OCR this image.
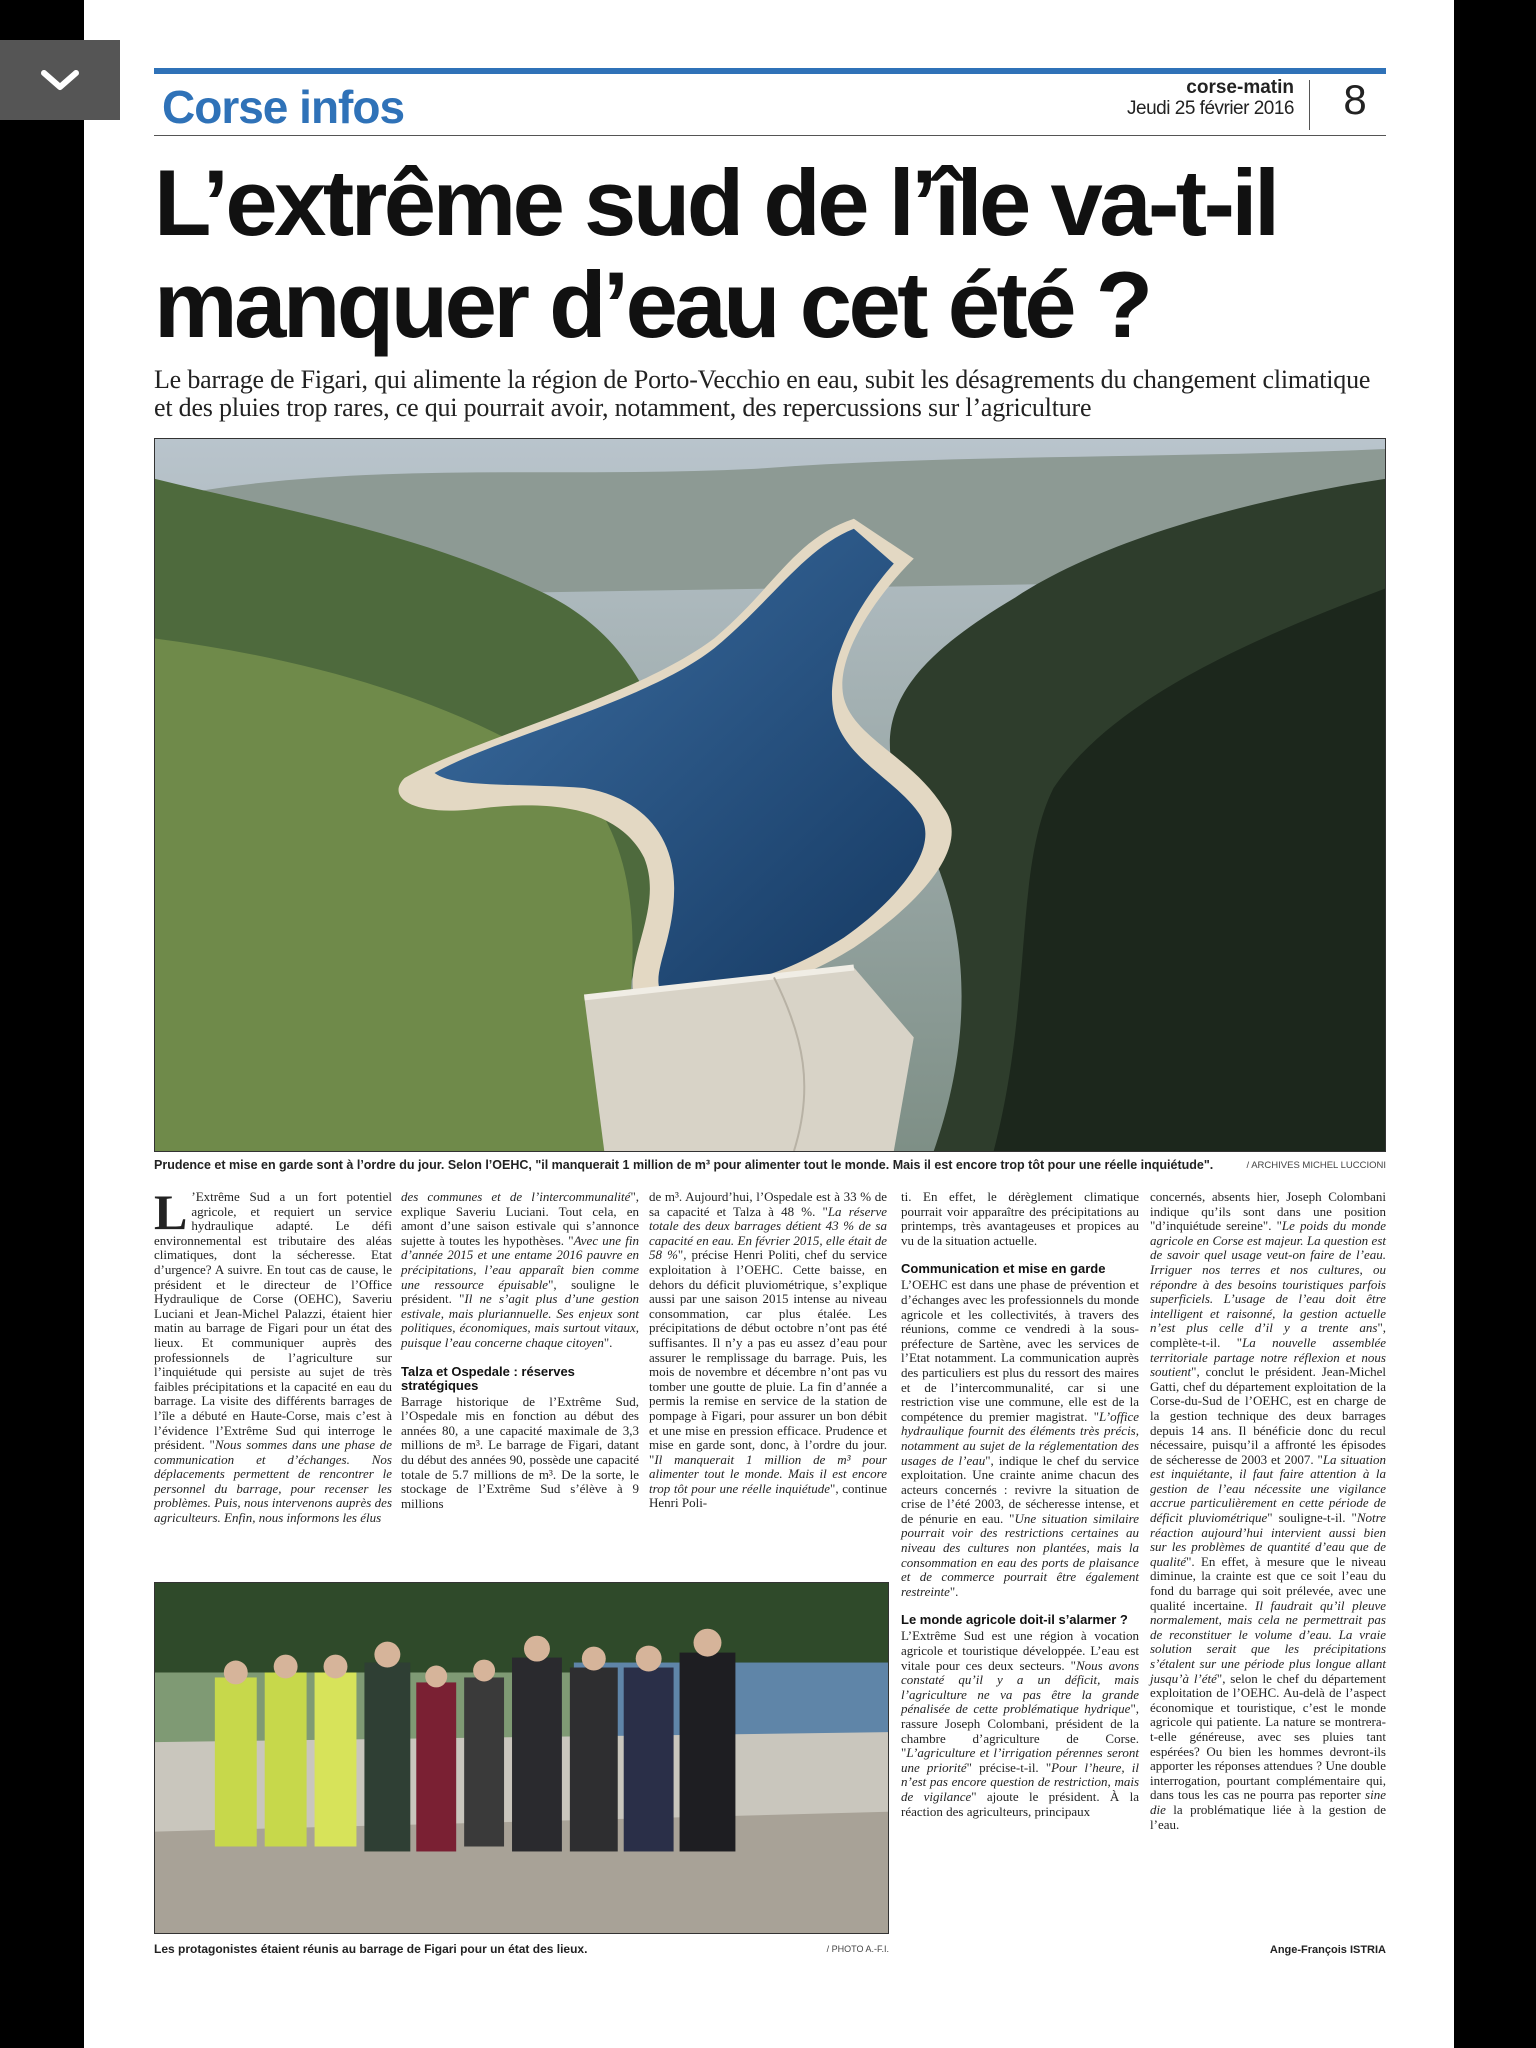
Corse infos	corse-matin
Jeudi 25 février 2016	8
L’extrême sud de l’île va-t-il
manquer d’eau cet été ?
Le barrage de Figari, qui alimente la région de Porto-Vecchio en eau, subit les désagrements du changement climatique et des pluies trop rares, ce qui pourrait avoir, notamment, des repercussions sur l’agriculture
Prudence et mise en garde sont à l’ordre du jour. Selon l’OEHC, "il manquerait 1 million de m³ pour alimenter tout le monde. Mais il est encore trop tôt pour une réelle inquiétude".	/ ARCHIVES MICHEL LUCCIONI

L ’Extrême Sud a un fort potentiel agricole, et requiert un service hydraulique adapté. Le défi environnemental est tributaire des aléas climatiques, dont la sécheresse. Etat d’urgence? A suivre. En tout cas de cause, le président et le directeur de l’Office Hydraulique de Corse (OEHC), Saveriu Luciani et Jean-Michel Palazzi, étaient hier matin au barrage de Figari pour un état des lieux. Et communiquer auprès des professionnels de l’agriculture sur l’inquiétude qui persiste au sujet de très faibles précipitations et la capacité en eau du barrage. La visite des différents barrages de l’île a débuté en Haute-Corse, mais c’est à l’évidence l’Extrême Sud qui interroge le président. "Nous sommes dans une phase de communication et d’échanges. Nos déplacements permettent de rencontrer le personnel du barrage, pour recenser les problèmes. Puis, nous intervenons auprès des agriculteurs. Enfin, nous informons les élus

des communes et de l’intercommunalité", explique Saveriu Luciani. Tout cela, en amont d’une saison estivale qui s’annonce sujette à toutes les hypothèses. "Avec une fin d’année 2015 et une entame 2016 pauvre en précipitations, l’eau apparaît bien comme une ressource épuisable", souligne le président. "Il ne s’agit plus d’une gestion estivale, mais pluriannuelle. Ses enjeux sont politiques, économiques, mais surtout vitaux, puisque l’eau concerne chaque citoyen".

Talza et Ospedale : réserves stratégiques

Barrage historique de l’Extrême Sud, l’Ospedale mis en fonction au début des années 80, a une capacité maximale de 3,3 millions de m³. Le barrage de Figari, datant du début des années 90, possède une capacité totale de 5.7 millions de m³. De la sorte, le stockage de l’Extrême Sud s’élève à 9 millions

de m³. Aujourd’hui, l’Ospedale est à 33 % de sa capacité et Talza à 48 %. "La réserve totale des deux barrages détient 43 % de sa capacité en eau. En février 2015, elle était de 58 %", précise Henri Politi, chef du service exploitation à l’OEHC. Cette baisse, en dehors du déficit pluviométrique, s’explique aussi par une saison 2015 intense au niveau consommation, car plus étalée. Les précipitations de début octobre n’ont pas été suffisantes. Il n’y a pas eu assez d’eau pour assurer le remplissage du barrage. Puis, les mois de novembre et décembre n’ont pas vu tomber une goutte de pluie. La fin d’année a permis la remise en service de la station de pompage à Figari, pour assurer un bon débit et une mise en pression efficace. Prudence et mise en garde sont, donc, à l’ordre du jour. "Il manquerait 1 million de m³ pour alimenter tout le monde. Mais il est encore trop tôt pour une réelle inquiétude", continue Henri Poli-

ti. En effet, le dérèglement climatique pourrait voir apparaître des précipitations au printemps, très avantageuses et propices au vu de la situation actuelle.

Communication et mise en garde

L’OEHC est dans une phase de prévention et d’échanges avec les professionnels du monde agricole et les collectivités, à travers des réunions, comme ce vendredi à la sous-préfecture de Sartène, avec les services de l’Etat notamment. La communication auprès des particuliers est plus du ressort des maires et de l’intercommunalité, car si une restriction vise une commune, elle est de la compétence du premier magistrat. "L’office hydraulique fournit des éléments très précis, notamment au sujet de la réglementation des usages de l’eau", indique le chef du service exploitation. Une crainte anime chacun des acteurs concernés : revivre la situation de crise de l’été 2003, de sécheresse intense, et de pénurie en eau. "Une situation similaire pourrait voir des restrictions certaines au niveau des cultures non plantées, mais la consommation en eau des ports de plaisance et de commerce pourrait être également restreinte".

Le monde agricole doit-il s’alarmer ?

L’Extrême Sud est une région à vocation agricole et touristique développée. L’eau est vitale pour ces deux secteurs. "Nous avons constaté qu’il y a un déficit, mais l’agriculture ne va pas être la grande pénalisée de cette problématique hydrique", rassure Joseph Colombani, président de la chambre d’agriculture de Corse. "L’agriculture et l’irrigation pérennes seront une priorité" précise-t-il. "Pour l’heure, il n’est pas encore question de restriction, mais de vigilance" ajoute le président. À la réaction des agriculteurs, principaux

concernés, absents hier, Joseph Colombani indique qu’ils sont dans une position "d’inquiétude sereine". "Le poids du monde agricole en Corse est majeur. La question est de savoir quel usage veut-on faire de l’eau. Irriguer nos terres et nos cultures, ou répondre à des besoins touristiques parfois superficiels. L’usage de l’eau doit être intelligent et raisonné, la gestion actuelle n’est plus celle d’il y a trente ans", complète-t-il. "La nouvelle assemblée territoriale partage notre réflexion et nous soutient", conclut le président. Jean-Michel Gatti, chef du département exploitation de la Corse-du-Sud de l’OEHC, est en charge de la gestion technique des deux barrages depuis 14 ans. Il bénéficie donc du recul nécessaire, puisqu’il a affronté les épisodes de sécheresse de 2003 et 2007. "La situation est inquiétante, il faut faire attention à la gestion de l’eau nécessite une vigilance accrue particulièrement en cette période de déficit pluviométrique" souligne-t-il. "Notre réaction aujourd’hui intervient aussi bien sur les problèmes de quantité d’eau que de qualité". En effet, à mesure que le niveau diminue, la crainte est que ce soit l’eau du fond du barrage qui soit prélevée, avec une qualité incertaine. Il faudrait qu’il pleuve normalement, mais cela ne permettrait pas de reconstituer le volume d’eau. La vraie solution serait que les précipitations s’étalent sur une période plus longue allant jusqu’à l’été", selon le chef du département exploitation de l’OEHC. Au-delà de l’aspect économique et touristique, c’est le monde agricole qui patiente. La nature se montrera-t-elle généreuse, avec ses pluies tant espérées? Ou bien les hommes devront-ils apporter les réponses attendues ? Une double interrogation, pourtant complémentaire qui, dans tous les cas ne pourra pas reporter sine die la problématique liée à la gestion de l’eau.

Les protagonistes étaient réunis au barrage de Figari pour un état des lieux.	/ PHOTO A.-F.I.	Ange-François ISTRIA
